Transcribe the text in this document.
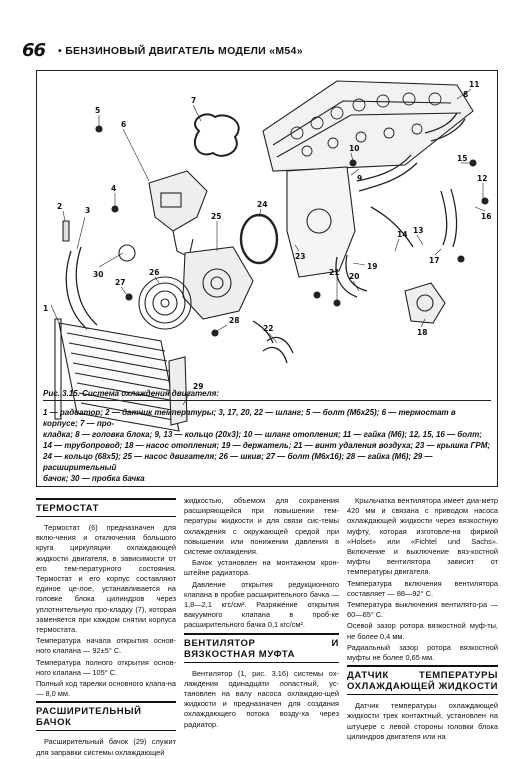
66 • БЕНЗИНОВЫЙ ДВИГАТЕЛЬ МОДЕЛИ «M54»
1
2	3
30
5
6
7
4
11
10
9	12
13
15
16
17
14
18
20
21
19
23
22
24
25
26
27
28
29
8
Рис. 3.15. Система охлаждения двигателя:
1 — радиатор; 2 — датчик температуры; 3, 17, 20, 22 — шланг; 5 — болт (М6х25); 6 — термостат в корпусе; 7 — про-
кладка; 8 — головка блока; 9, 13 — кольцо (20х3); 10 — шланг отопления; 11 — гайка (М6); 12, 15, 16 — болт;
14 — трубопровод; 18 — насос отопления; 19 — держатель; 21 — винт удаления воздуха; 23 — крышка ГРМ;
24 — кольцо (68х5); 25 — насос двигателя; 26 — шкив; 27 — болт (М6х16); 28 — гайка (М6); 29 — расширительный
бачок; 30 — пробка бачка
ТЕРМОСТАТ

Термостат (6) предназначен для вклю-чения и отключения большого круга циркуляции охлаждающей жидкости двигателя, в зависимости от его тем-пературного состояния. Термостат и его корпус составляют единое це-лое, устанавливается на головке блока цилиндров через уплотнительную про-кладку (7), которая заменяется при каждом снятии корпуса термостата.

Температура начала открытия основ-ного клапана — 92±5° С.

Температура полного открытия основ-ного клапана — 105° С.

Полный ход тарелки основного клапа-на — 8,0 мм.

РАСШИРИТЕЛЬНЫЙ БАЧОК

Расширительный бачок (29) служит для заправки системы охлаждающей

жидкостью, объемом для сохранения расширяющейся при повышении тем-пературы жидкости и для связи сис-темы охлаждения с окружающей средой при повышении или понижении давления в системе охлаждения.

Бачок установлен на монтажном крон-штейне радиатора.

Давление открытия редукционного клапана в пробке расширительного бачка — 1,8—2,1 кгс/см². Разряжение открытия вакуумного клапана в проб-ке расширительного бачка 0,1 кгс/см².

ВЕНТИЛЯТОР И ВЯЗКОСТНАЯ МУФТА

Вентилятор (1, рис. 3.16) системы ох-лаждения одинадцати лопастный, ус-тановлен на валу насоса охлаждаю-щей жидкости и предназначен для создания охлаждающего потока возду-ха через радиатор.

Крыльчатка вентилятора имеет диа-метр 420 мм и связана с приводом насоса охлаждающей жидкости через вязкостную муфту, которая изготовле-на фирмой «Holset» или «Fichtel und Sachs». Включение и выключение вяз-костной муфты вентилятора зависит от температуры двигателя.

Температура включения вентилятора составляет — 88—92° С.

Температура выключения вентилято-ра — 60—65° С.

Осевой зазор ротора вязкостной муф-ты, не более 0,4 мм.

Радиальный зазор ротора вязкостной муфты не более 0,65 мм.

ДАТЧИК ТЕМПЕРАТУРЫ ОХЛАЖДАЮЩЕЙ ЖИДКОСТИ

Датчик температуры охлаждающей жидкости трех контактный, установлен на штуцере с левой стороны головки блока цилиндров двигателя или на
